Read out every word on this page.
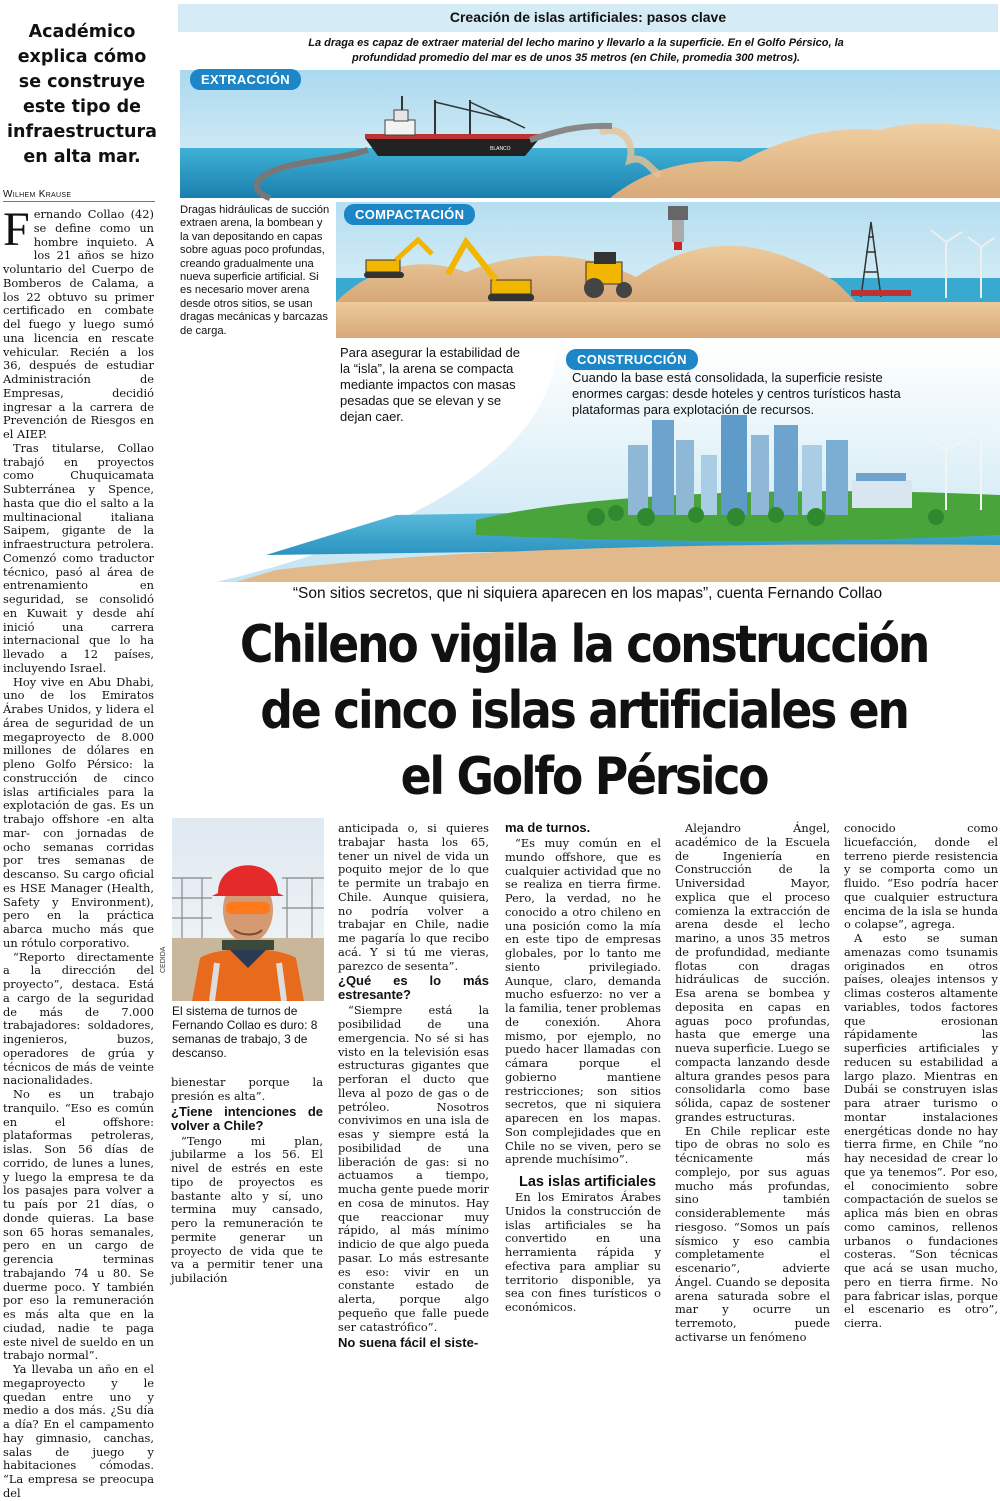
Académico explica cómo se construye este tipo de infraestructura en alta mar.
Wilhem Krause

Fernando Collao (42) se define como un hombre inquieto. A los 21 años se hizo voluntario del Cuerpo de Bomberos de Calama, a los 22 obtuvo su primer certificado en combate del fuego y luego sumó una licencia en rescate vehicular. Recién a los 36, después de estudiar Administración de Empresas, decidió ingresar a la carrera de Prevención de Riesgos en el AIEP.

Tras titularse, Collao trabajó en proyectos como Chuquicamata Subterránea y Spence, hasta que dio el salto a la multinacional italiana Saipem, gigante de la infraestructura petrolera. Comenzó como traductor técnico, pasó al área de entrenamiento en seguridad, se consolidó en Kuwait y desde ahí inició una carrera internacional que lo ha llevado a 12 países, incluyendo Israel.

Hoy vive en Abu Dhabi, uno de los Emiratos Árabes Unidos, y lidera el área de seguridad de un megaproyecto de 8.000 millones de dólares en pleno Golfo Pérsico: la construcción de cinco islas artificiales para la explotación de gas. Es un trabajo offshore -en alta mar- con jornadas de ocho semanas corridas por tres semanas de descanso. Su cargo oficial es HSE Manager (Health, Safety y Environment), pero en la práctica abarca mucho más que un rótulo corporativo.

“Reporto directamente a la dirección del proyecto”, destaca. Está a cargo de la seguridad de más de 7.000 trabajadores: soldadores, ingenieros, buzos, operadores de grúa y técnicos de más de veinte nacionalidades.

No es un trabajo tranquilo. “Eso es común en el offshore: plataformas petroleras, islas. Son 56 días de corrido, de lunes a lunes, y luego la empresa te da los pasajes para volver a tu país por 21 días, o donde quieras. La base son 65 horas semanales, pero en un cargo de gerencia terminas trabajando 74 u 80. Se duerme poco. Y también por eso la remuneración es más alta que en la ciudad, nadie te paga este nivel de sueldo en un trabajo normal”.

Ya llevaba un año en el megaproyecto y le quedan entre uno y medio a dos más. ¿Su día a día? En el campamento hay gimnasio, canchas, salas de juego y habitaciones cómodas. “La empresa se preocupa del

Creación de islas artificiales: pasos clave
La draga es capaz de extraer material del lecho marino y llevarlo a la superficie. En el Golfo Pérsico, la profundidad promedio del mar es de unos 35 metros (en Chile, promedia 300 metros).
BLANCO
EXTRACCIÓN
Dragas hidráulicas de succión extraen arena, la bombean y la van depositando en capas sobre aguas poco profundas, creando gradualmente una nueva superficie artificial. Si es necesario mover arena desde otros sitios, se usan dragas mecánicas y barcazas de carga.
COMPACTACIÓN
Para asegurar la estabilidad de la “isla”, la arena se compacta mediante impactos con masas pesadas que se elevan y se dejan caer.
CONSTRUCCIÓN
Cuando la base está consolidada, la superficie resiste enormes cargas: desde hoteles y centros turísticos hasta plataformas para explotación de recursos.
“Son sitios secretos, que ni siquiera aparecen en los mapas”, cuenta Fernando Collao
Chileno vigila la construcción
de cinco islas artificiales en
el Golfo Pérsico
CEDIDA
El sistema de turnos de Fernando Collao es duro: 8 semanas de trabajo, 3 de descanso.

bienestar porque la presión es alta”.

¿Tiene intenciones de volver a Chile?

“Tengo mi plan, jubilarme a los 56. El nivel de estrés en este tipo de proyectos es bastante alto y sí, uno termina muy cansado, pero la remuneración te permite generar un proyecto de vida que te va a permitir tener una jubilación

anticipada o, si quieres trabajar hasta los 65, tener un nivel de vida un poquito mejor de lo que te permite un trabajo en Chile. Aunque quisiera, no podría volver a trabajar en Chile, nadie me pagaría lo que recibo acá. Y si tú me vieras, parezco de sesenta”.

¿Qué es lo más estresante?

“Siempre está la posibilidad de una emergencia. No sé si has visto en la televisión esas estructuras gigantes que perforan el ducto que lleva al pozo de gas o de petróleo. Nosotros convivimos en una isla de esas y siempre está la posibilidad de una liberación de gas: si no actuamos a tiempo, mucha gente puede morir en cosa de minutos. Hay que reaccionar muy rápido, al más mínimo indicio de que algo pueda pasar. Lo más estresante es eso: vivir en un constante estado de alerta, porque algo pequeño que falle puede ser catastrófico”.

No suena fácil el siste-
ma de turnos.

“Es muy común en el mundo offshore, que es cualquier actividad que no se realiza en tierra firme. Pero, la verdad, no he conocido a otro chileno en una posición como la mía en este tipo de empresas globales, por lo tanto me siento privilegiado. Aunque, claro, demanda mucho esfuerzo: no ver a la familia, tener problemas de conexión. Ahora mismo, por ejemplo, no puedo hacer llamadas con cámara porque el gobierno mantiene restricciones; son sitios secretos, que ni siquiera aparecen en los mapas. Son complejidades que en Chile no se viven, pero se aprende muchísimo”.

Las islas artificiales

En los Emiratos Árabes Unidos la construcción de islas artificiales se ha convertido en una herramienta rápida y efectiva para ampliar su territorio disponible, ya sea con fines turísticos o económicos.

Alejandro Ángel, académico de la Escuela de Ingeniería en Construcción de la Universidad Mayor, explica que el proceso comienza la extracción de arena desde el lecho marino, a unos 35 metros de profundidad, mediante flotas con dragas hidráulicas de succión. Esa arena se bombea y deposita en capas en aguas poco profundas, hasta que emerge una nueva superficie. Luego se compacta lanzando desde altura grandes pesos para consolidarla como base sólida, capaz de sostener grandes estructuras.

En Chile replicar este tipo de obras no solo es técnicamente más complejo, por sus aguas mucho más profundas, sino también considerablemente más riesgoso. “Somos un país sísmico y eso cambia completamente el escenario”, advierte Ángel. Cuando se deposita arena saturada sobre el mar y ocurre un terremoto, puede activarse un fenómeno

conocido como licuefacción, donde el terreno pierde resistencia y se comporta como un fluido. “Eso podría hacer que cualquier estructura encima de la isla se hunda o colapse”, agrega.

A esto se suman amenazas como tsunamis originados en otros países, oleajes intensos y climas costeros altamente variables, todos factores que erosionan rápidamente las superficies artificiales y reducen su estabilidad a largo plazo. Mientras en Dubái se construyen islas para atraer turismo o montar instalaciones energéticas donde no hay tierra firme, en Chile “no hay necesidad de crear lo que ya tenemos”. Por eso, el conocimiento sobre compactación de suelos se aplica más bien en obras como caminos, rellenos urbanos o fundaciones costeras. “Son técnicas que acá se usan mucho, pero en tierra firme. No para fabricar islas, porque el escenario es otro”, cierra.
